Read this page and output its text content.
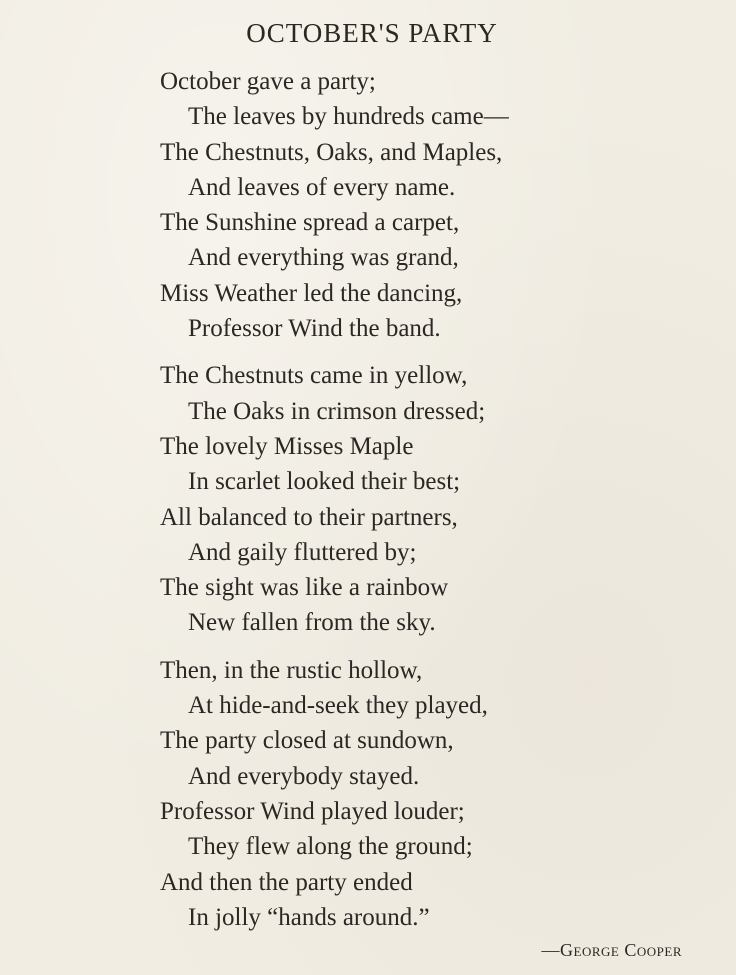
OCTOBER'S PARTY
October gave a party;
The leaves by hundreds came—
The Chestnuts, Oaks, and Maples,
And leaves of every name.
The Sunshine spread a carpet,
And everything was grand,
Miss Weather led the dancing,
Professor Wind the band.
The Chestnuts came in yellow,
The Oaks in crimson dressed;
The lovely Misses Maple
In scarlet looked their best;
All balanced to their partners,
And gaily fluttered by;
The sight was like a rainbow
New fallen from the sky.
Then, in the rustic hollow,
At hide-and-seek they played,
The party closed at sundown,
And everybody stayed.
Professor Wind played louder;
They flew along the ground;
And then the party ended
In jolly “hands around.”
—George Cooper
